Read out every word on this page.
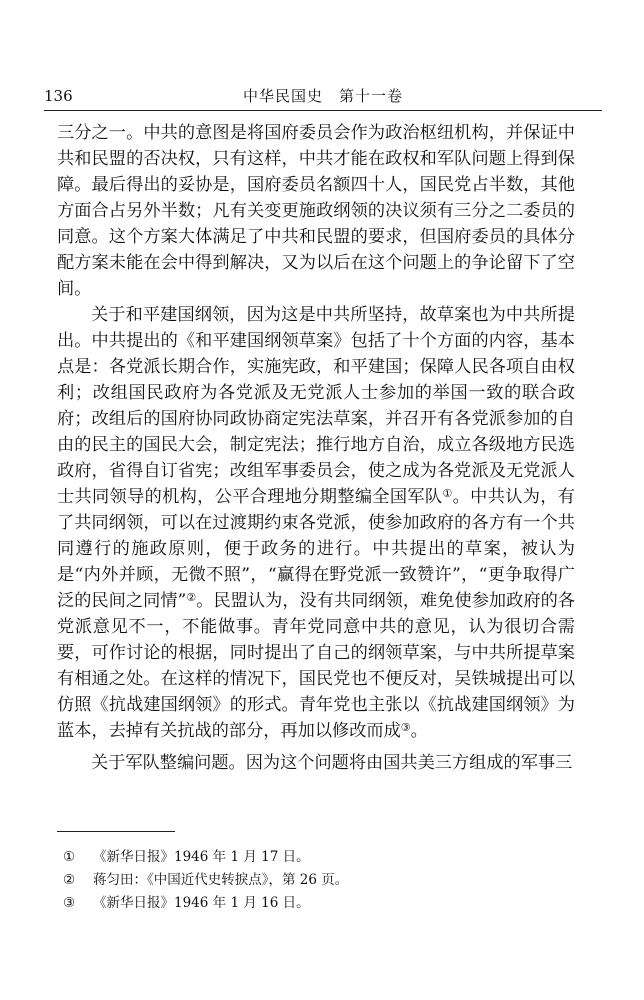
136	中华民国史　第十一卷

三分之一。中共的意图是将国府委员会作为政治枢纽机构，并保证中共和民盟的否决权，只有这样，中共才能在政权和军队问题上得到保障。最后得出的妥协是，国府委员名额四十人，国民党占半数，其他方面合占另外半数；凡有关变更施政纲领的决议须有三分之二委员的同意。这个方案大体满足了中共和民盟的要求，但国府委员的具体分配方案未能在会中得到解决，又为以后在这个问题上的争论留下了空间。

关于和平建国纲领，因为这是中共所坚持，故草案也为中共所提出。中共提出的《和平建国纲领草案》包括了十个方面的内容，基本点是：各党派长期合作，实施宪政，和平建国；保障人民各项自由权利；改组国民政府为各党派及无党派人士参加的举国一致的联合政府；改组后的国府协同政协商定宪法草案，并召开有各党派参加的自由的民主的国民大会，制定宪法；推行地方自治，成立各级地方民选政府，省得自订省宪；改组军事委员会，使之成为各党派及无党派人士共同领导的机构，公平合理地分期整编全国军队①。中共认为，有了共同纲领，可以在过渡期约束各党派，使参加政府的各方有一个共同遵行的施政原则，便于政务的进行。中共提出的草案，被认为是“内外并顾，无微不照”，“赢得在野党派一致赞许”，“更争取得广泛的民间之同情”②。民盟认为，没有共同纲领，难免使参加政府的各党派意见不一，不能做事。青年党同意中共的意见，认为很切合需要，可作讨论的根据，同时提出了自己的纲领草案，与中共所提草案有相通之处。在这样的情况下，国民党也不便反对，吴铁城提出可以仿照《抗战建国纲领》的形式。青年党也主张以《抗战建国纲领》为蓝本，去掉有关抗战的部分，再加以修改而成③。

关于军队整编问题。因为这个问题将由国共美三方组成的军事三

① 《新华日报》1946 年 1 月 17 日。
② 蒋匀田：《中国近代史转捩点》，第 26 页。
③ 《新华日报》1946 年 1 月 16 日。
